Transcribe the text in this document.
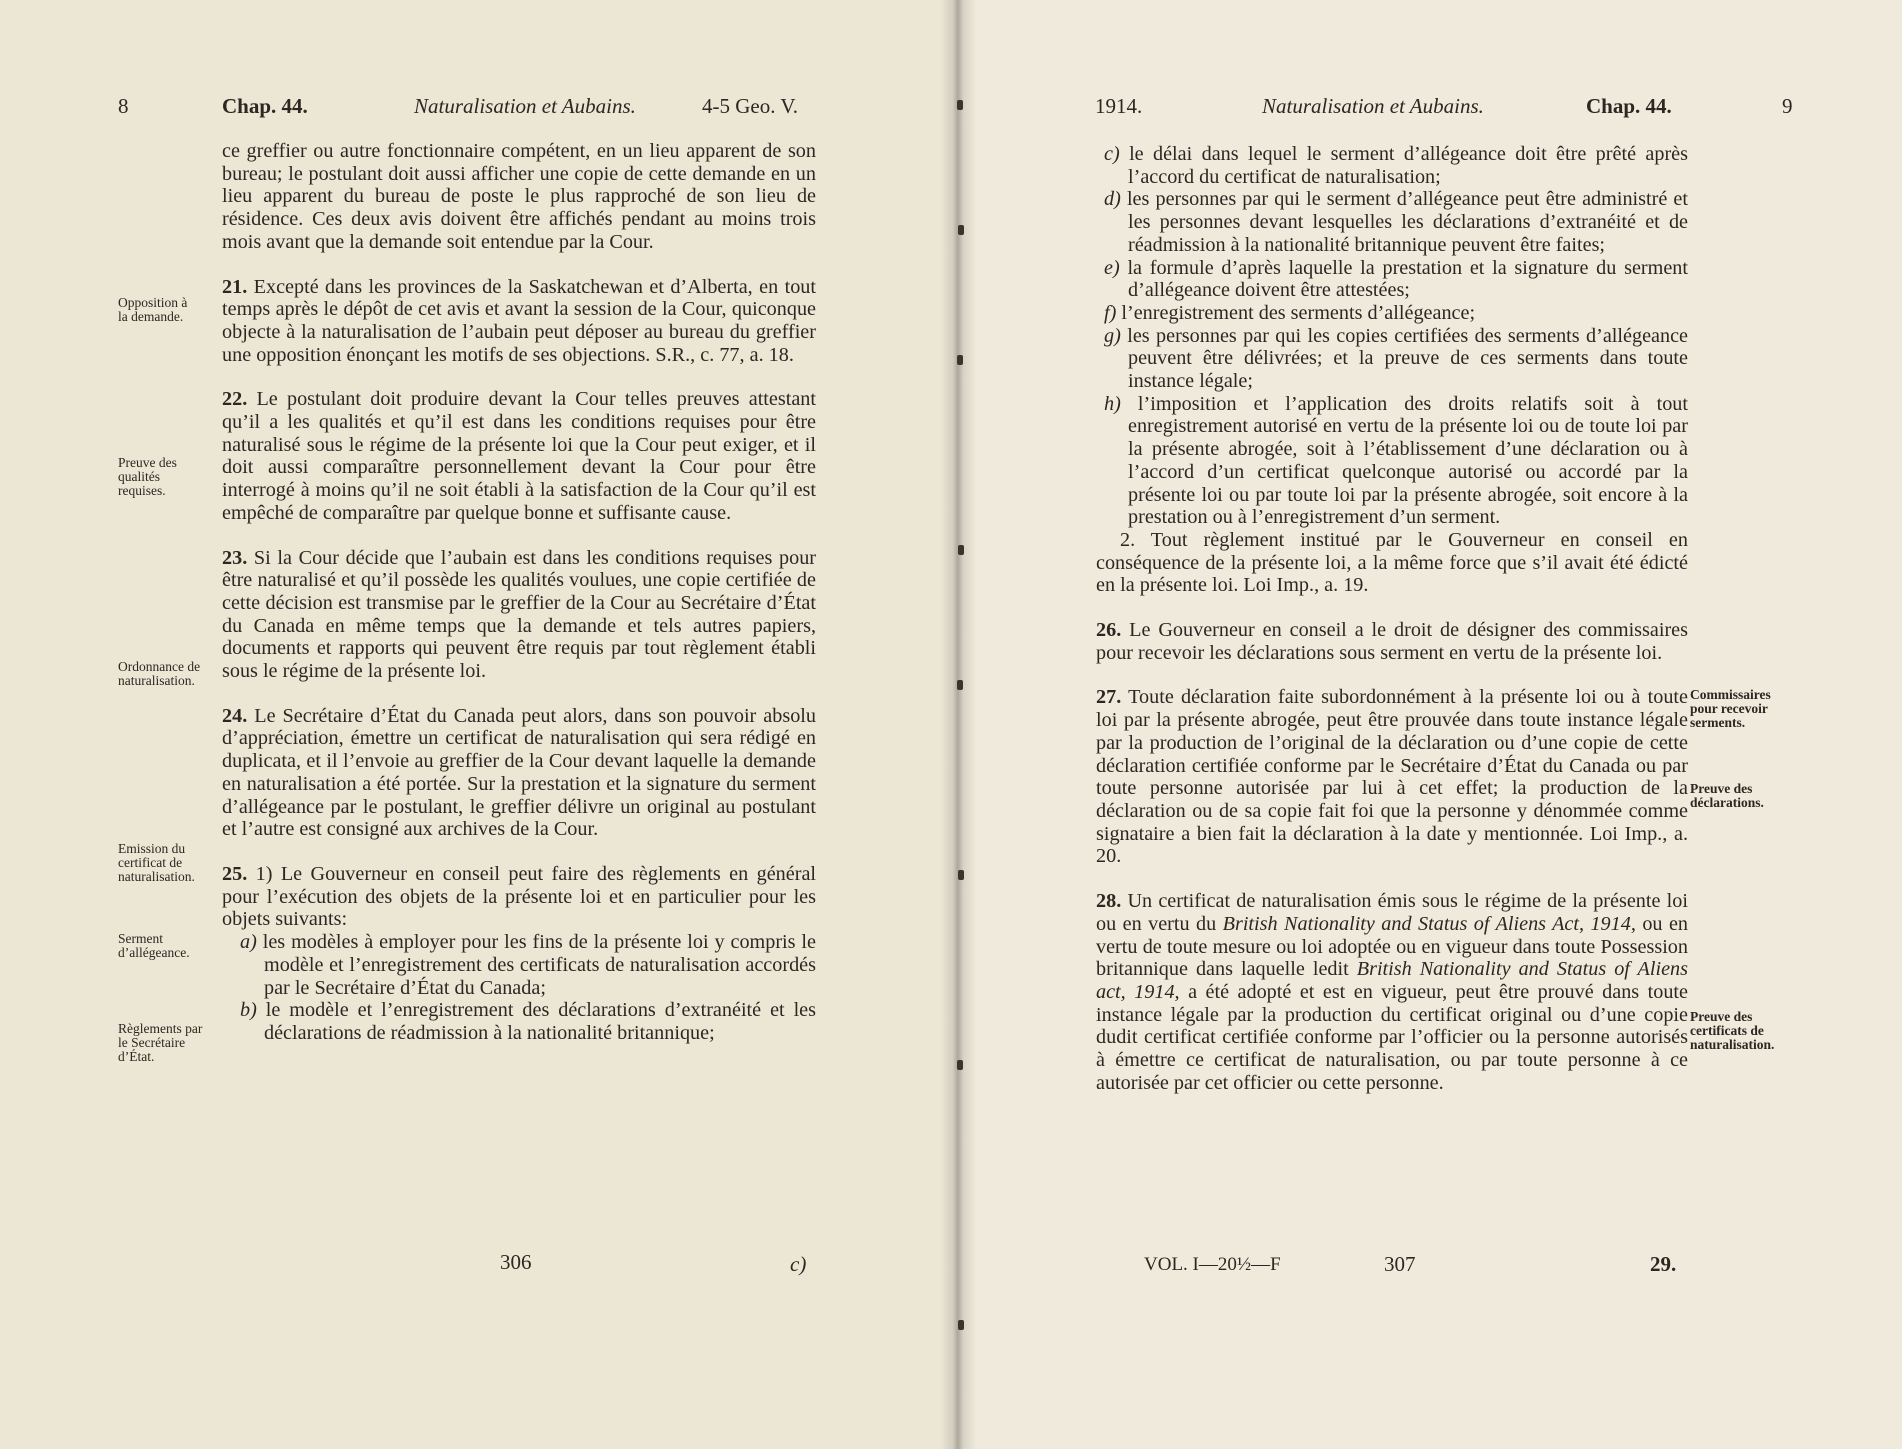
8	Chap. 44.	Naturalisation et Aubains.	4-5 Geo. V.

ce greffier ou autre fonctionnaire compétent, en un lieu apparent de son bureau; le postulant doit aussi afficher une copie de cette demande en un lieu apparent du bureau de poste le plus rapproché de son lieu de résidence. Ces deux avis doivent être affichés pendant au moins trois mois avant que la demande soit entendue par la Cour.

21. Excepté dans les provinces de la Saskatchewan et d’Alberta, en tout temps après le dépôt de cet avis et avant la session de la Cour, quiconque objecte à la naturalisation de l’aubain peut déposer au bureau du greffier une opposition énonçant les motifs de ses objections. S.R., c. 77, a. 18.

22. Le postulant doit produire devant la Cour telles preuves attestant qu’il a les qualités et qu’il est dans les conditions requises pour être naturalisé sous le régime de la présente loi que la Cour peut exiger, et il doit aussi comparaître personnellement devant la Cour pour être interrogé à moins qu’il ne soit établi à la satisfaction de la Cour qu’il est empêché de comparaître par quelque bonne et suffisante cause.

23. Si la Cour décide que l’aubain est dans les conditions requises pour être naturalisé et qu’il possède les qualités voulues, une copie certifiée de cette décision est transmise par le greffier de la Cour au Secrétaire d’État du Canada en même temps que la demande et tels autres papiers, documents et rapports qui peuvent être requis par tout règlement établi sous le régime de la présente loi.

24. Le Secrétaire d’État du Canada peut alors, dans son pouvoir absolu d’appréciation, émettre un certificat de naturalisation qui sera rédigé en duplicata, et il l’envoie au greffier de la Cour devant laquelle la demande en naturalisation a été portée. Sur la prestation et la signature du serment d’allégeance par le postulant, le greffier délivre un original au postulant et l’autre est consigné aux archives de la Cour.

25. 1) Le Gouverneur en conseil peut faire des règlements en général pour l’exécution des objets de la présente loi et en particulier pour les objets suivants:

a) les modèles à employer pour les fins de la présente loi y compris le modèle et l’enregistrement des certificats de naturalisation accordés par le Secrétaire d’État du Canada;

b) le modèle et l’enregistrement des déclarations d’extranéité et les déclarations de réadmission à la nationalité britannique;

Opposition à la demande.
Preuve des qualités requises.
Ordonnance de naturalisation.
Emission du certificat de naturalisation.
Serment d’allégeance.
Règlements par le Secrétaire d’État.
306	c)
1914.	Naturalisation et Aubains.	Chap. 44.	9

c) le délai dans lequel le serment d’allégeance doit être prêté après l’accord du certificat de naturalisation;

d) les personnes par qui le serment d’allégeance peut être administré et les personnes devant lesquelles les déclarations d’extranéité et de réadmission à la nationalité britannique peuvent être faites;

e) la formule d’après laquelle la prestation et la signature du serment d’allégeance doivent être attestées;

f) l’enregistrement des serments d’allégeance;

g) les personnes par qui les copies certifiées des serments d’allégeance peuvent être délivrées; et la preuve de ces serments dans toute instance légale;

h) l’imposition et l’application des droits relatifs soit à tout enregistrement autorisé en vertu de la présente loi ou de toute loi par la présente abrogée, soit à l’établissement d’une déclaration ou à l’accord d’un certificat quelconque autorisé ou accordé par la présente loi ou par toute loi par la présente abrogée, soit encore à la prestation ou à l’enregistrement d’un serment.

2. Tout règlement institué par le Gouverneur en conseil en conséquence de la présente loi, a la même force que s’il avait été édicté en la présente loi. Loi Imp., a. 19.

26. Le Gouverneur en conseil a le droit de désigner des commissaires pour recevoir les déclarations sous serment en vertu de la présente loi.

27. Toute déclaration faite subordonnément à la présente loi ou à toute loi par la présente abrogée, peut être prouvée dans toute instance légale par la production de l’original de la déclaration ou d’une copie de cette déclaration certifiée conforme par le Secrétaire d’État du Canada ou par toute personne autorisée par lui à cet effet; la production de la déclaration ou de sa copie fait foi que la personne y dénommée comme signataire a bien fait la déclaration à la date y mentionnée. Loi Imp., a. 20.

28. Un certificat de naturalisation émis sous le régime de la présente loi ou en vertu du British Nationality and Status of Aliens Act, 1914, ou en vertu de toute mesure ou loi adoptée ou en vigueur dans toute Possession britannique dans laquelle ledit British Nationality and Status of Aliens act, 1914, a été adopté et est en vigueur, peut être prouvé dans toute instance légale par la production du certificat original ou d’une copie dudit certificat certifiée conforme par l’officier ou la personne autorisés à émettre ce certificat de naturalisation, ou par toute personne à ce autorisée par cet officier ou cette personne.

Commissaires pour recevoir serments.
Preuve des déclarations.
Preuve des certificats de naturalisation.
VOL. I—20½—F	307	29.
